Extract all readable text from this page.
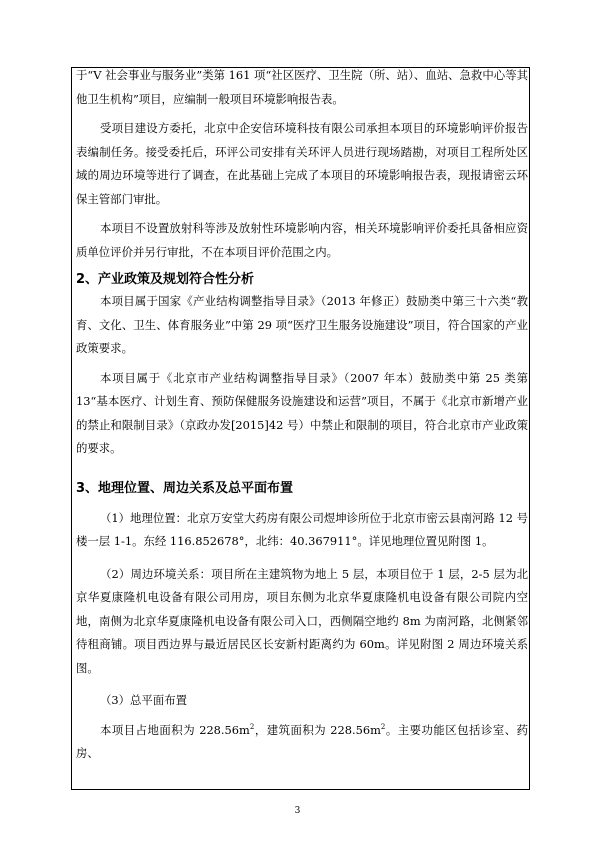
于“V 社会事业与服务业”类第 161 项“社区医疗、卫生院（所、站）、血站、急救中心等其他卫生机构”项目，应编制一般项目环境影响报告表。

受项目建设方委托，北京中企安信环境科技有限公司承担本项目的环境影响评价报告表编制任务。接受委托后，环评公司安排有关环评人员进行现场踏勘，对项目工程所处区域的周边环境等进行了调查，在此基础上完成了本项目的环境影响报告表，现报请密云环保主管部门审批。

本项目不设置放射科等涉及放射性环境影响内容，相关环境影响评价委托具备相应资质单位评价并另行审批，不在本项目评价范围之内。

2、产业政策及规划符合性分析

本项目属于国家《产业结构调整指导目录》（2013 年修正）鼓励类中第三十六类“教育、文化、卫生、体育服务业”中第 29 项“医疗卫生服务设施建设”项目，符合国家的产业政策要求。

本项目属于《北京市产业结构调整指导目录》（2007 年本）鼓励类中第 25 类第 13“基本医疗、计划生育、预防保健服务设施建设和运营”项目，不属于《北京市新增产业的禁止和限制目录》（京政办发[2015]42 号）中禁止和限制的项目，符合北京市产业政策的要求。

3、地理位置、周边关系及总平面布置

（1）地理位置：北京万安堂大药房有限公司煜坤诊所位于北京市密云县南河路 12 号楼一层 1-1。东经 116.852678°，北纬：40.367911°。详见地理位置见附图 1。

（2）周边环境关系：项目所在主建筑物为地上 5 层，本项目位于 1 层，2-5 层为北京华夏康隆机电设备有限公司用房，项目东侧为北京华夏康隆机电设备有限公司院内空地，南侧为北京华夏康隆机电设备有限公司入口，西侧隔空地约 8m 为南河路，北侧紧邻待租商铺。项目西边界与最近居民区长安新村距离约为 60m。详见附图 2 周边环境关系图。

（3）总平面布置

本项目占地面积为 $228.56m^2$，建筑面积为 $228.56m^2$。主要功能区包括诊室、药房、

3
